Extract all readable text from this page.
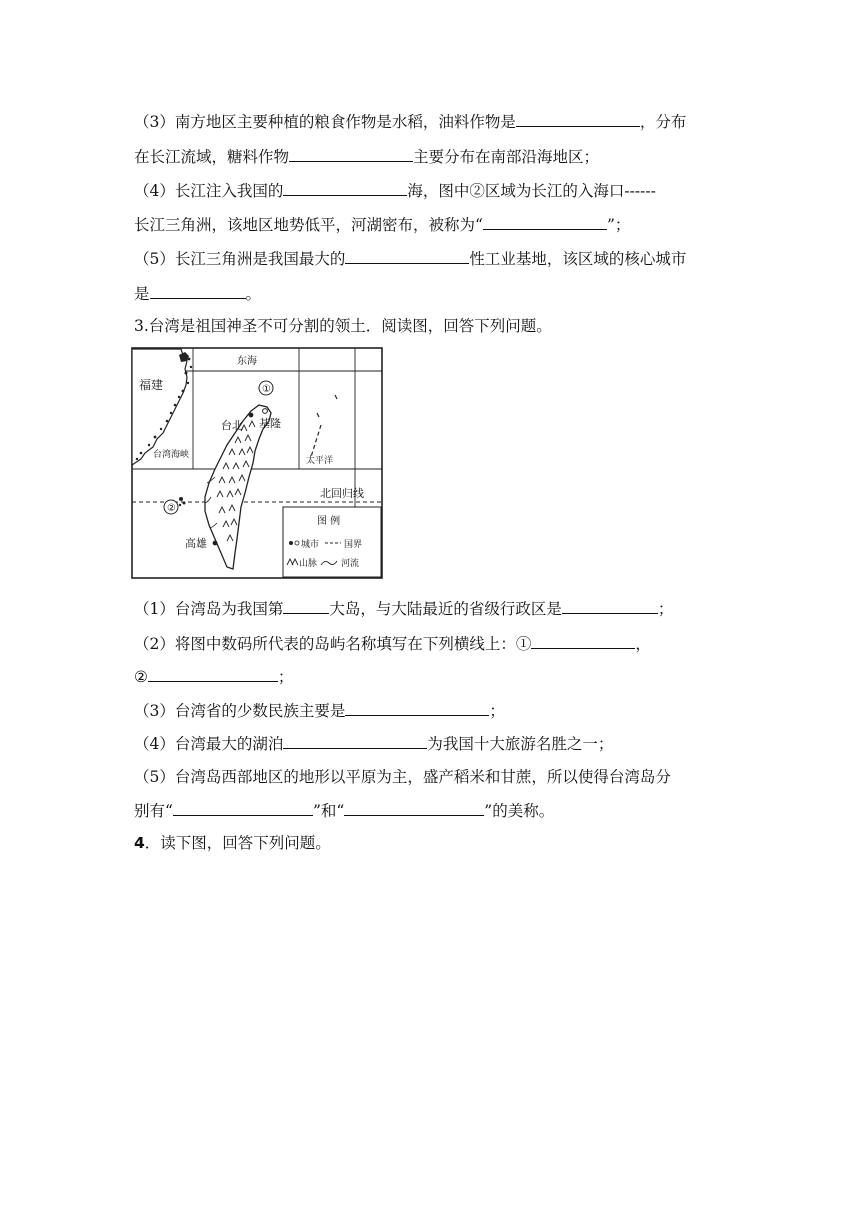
（3）南方地区主要种植的粮食作物是水稻，油料作物是	，分布
在长江流域，糖料作物	主要分布在南部沿海地区；
（4）长江注入我国的	海，图中②区域为长江的入海口------
长江三角洲，该地区地势低平，河湖密布，被称为“	”；
（5）长江三角洲是我国最大的	性工业基地，该区域的核心城市
是	。
3.台湾是祖国神圣不可分割的领土．阅读图，回答下列问题。
东海
福建
台北 基隆
台湾海峡
太平洋
北回归线
高雄
①
②
图 例
城市	国界
山脉	河流
（1）台湾岛为我国第	大岛，与大陆最近的省级行政区是	；
（2）将图中数码所代表的岛屿名称填写在下列横线上：①	，
②	；
（3）台湾省的少数民族主要是	；
（4）台湾最大的湖泊	为我国十大旅游名胜之一；
（5）台湾岛西部地区的地形以平原为主，盛产稻米和甘蔗，所以使得台湾岛分
别有“	”和“	”的美称。
4．读下图，回答下列问题。
